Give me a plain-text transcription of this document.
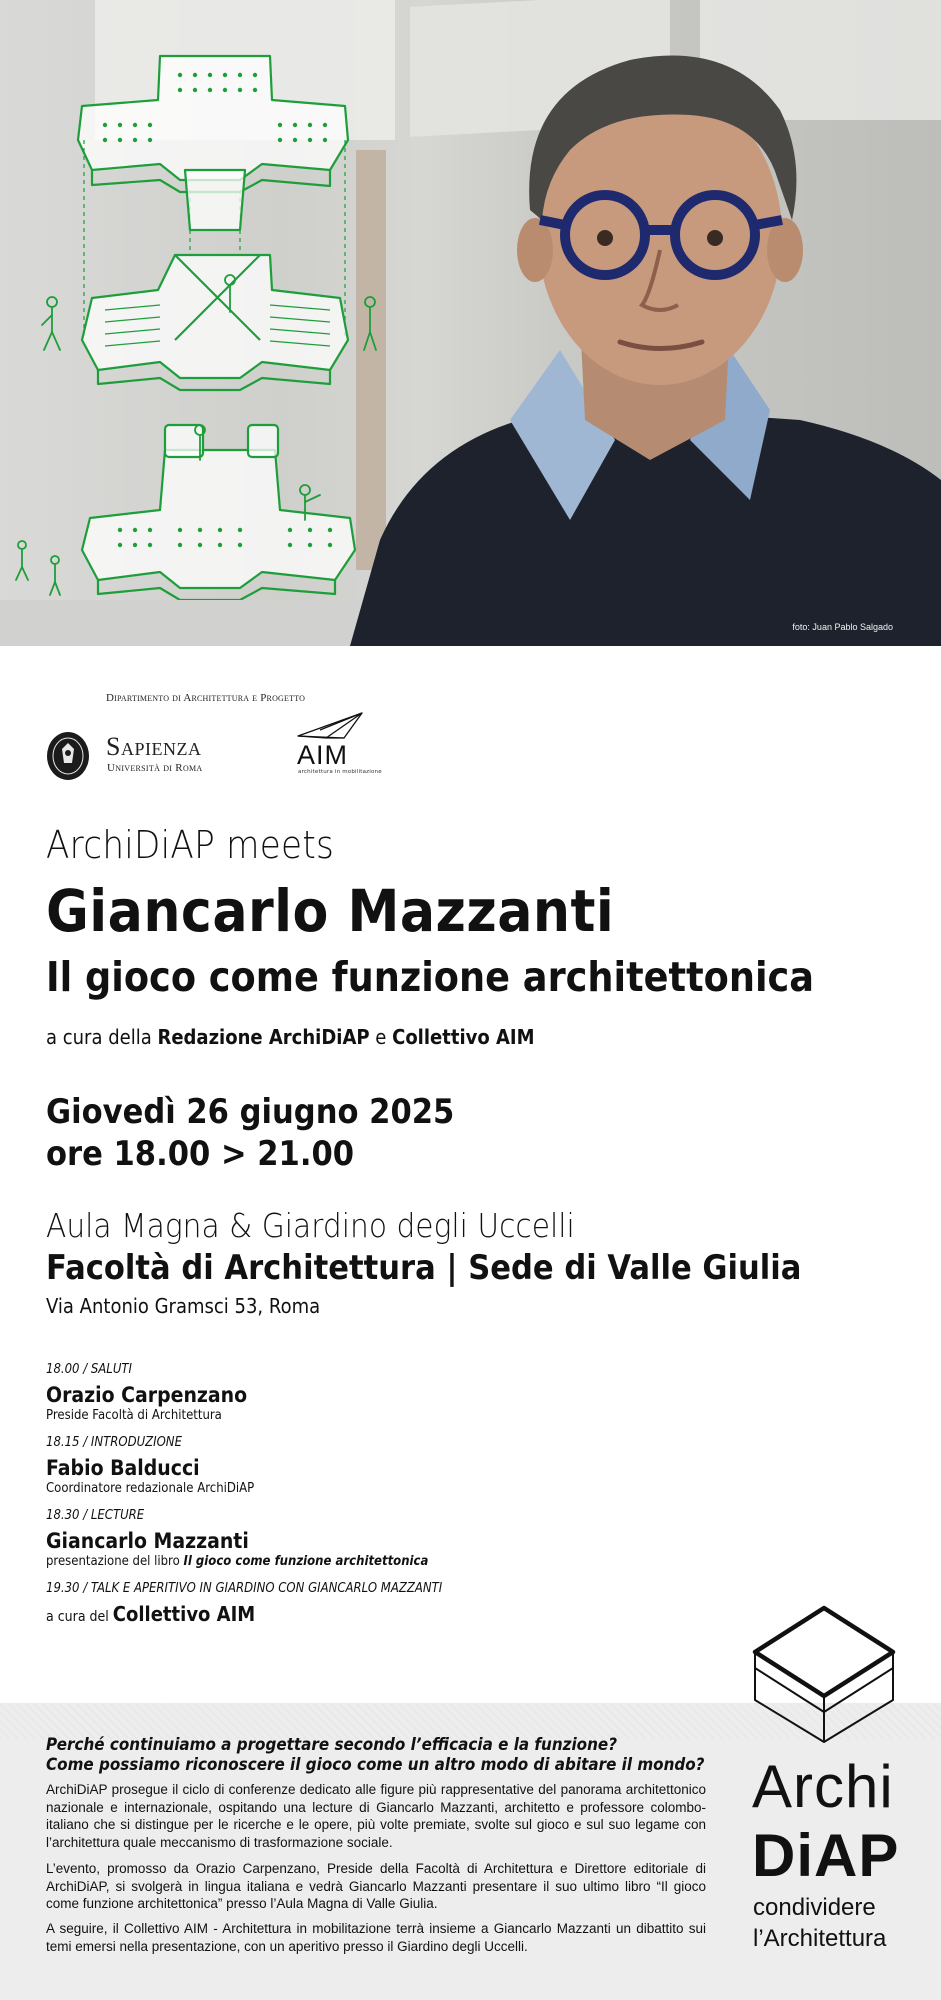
foto: Juan Pablo Salgado
Dipartimento di Architettura e Progetto
Sapienza
Università di Roma	AIM
architettura in mobilitazione
ArchiDiAP meets
Giancarlo Mazzanti
Il gioco come funzione architettonica
a cura della Redazione ArchiDiAP e Collettivo AIM
Giovedì 26 giugno 2025
ore 18.00 > 21.00
Aula Magna & Giardino degli Uccelli
Facoltà di Architettura | Sede di Valle Giulia
Via Antonio Gramsci 53, Roma
18.00 / SALUTI
Orazio Carpenzano
Preside Facoltà di Architettura
18.15 / INTRODUZIONE
Fabio Balducci
Coordinatore redazionale ArchiDiAP
18.30 / LECTURE
Giancarlo Mazzanti
presentazione del libro Il gioco come funzione architettonica
19.30 / TALK E APERITIVO IN GIARDINO CON GIANCARLO MAZZANTI
a cura del Collettivo AIM
Perché continuiamo a progettare secondo l’efficacia e la funzione?
Come possiamo riconoscere il gioco come un altro modo di abitare il mondo?
ArchiDiAP prosegue il ciclo di conferenze dedicato alle figure più rappresentative del panorama architettonico nazionale e internazionale, ospitando una lecture di Giancarlo Mazzanti, architetto e professore colombo-italiano che si distingue per le ricerche e le opere, più volte premiate, svolte sul gioco e sul suo legame con l’architettura quale meccanismo di trasformazione sociale.
L’evento, promosso da Orazio Carpenzano, Preside della Facoltà di Architettura e Direttore editoriale di ArchiDiAP, si svolgerà in lingua italiana e vedrà Giancarlo Mazzanti presentare il suo ultimo libro “Il gioco come funzione architettonica” presso l’Aula Magna di Valle Giulia.
A seguire, il Collettivo AIM - Architettura in mobilitazione terrà insieme a Giancarlo Mazzanti un dibattito sui temi emersi nella presentazione, con un aperitivo presso il Giardino degli Uccelli.
Archi
DiAP
condividere
l’Architettura
